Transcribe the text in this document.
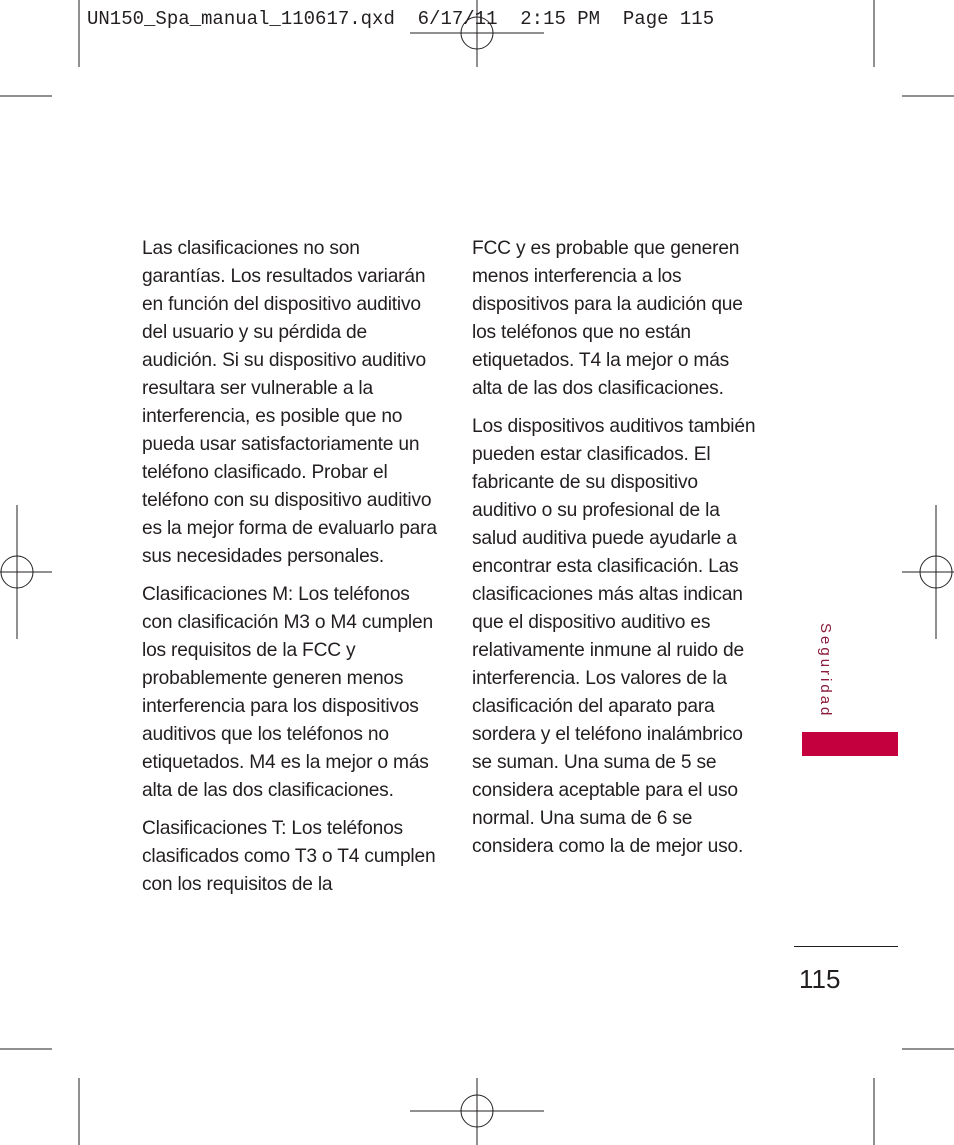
UN150_Spa_manual_110617.qxd  6/17/11  2:15 PM  Page 115

Las clasificaciones no son garantías. Los resultados variarán en función del dispositivo auditivo del usuario y su pérdida de audición. Si su dispositivo auditivo resultara ser vulnerable a la interferencia, es posible que no pueda usar satisfactoriamente un teléfono clasificado. Probar el teléfono con su dispositivo auditivo es la mejor forma de evaluarlo para sus necesidades personales.

Clasificaciones M: Los teléfonos con clasificación M3 o M4 cumplen los requisitos de la FCC y probablemente generen menos interferencia para los dispositivos auditivos que los teléfonos no etiquetados. M4 es la mejor o más alta de las dos clasificaciones.

Clasificaciones T: Los teléfonos clasificados como T3 o T4 cumplen con los requisitos de la

FCC y es probable que generen menos interferencia a los dispositivos para la audición que los teléfonos que no están etiquetados. T4 la mejor o más alta de las dos clasificaciones.

Los dispositivos auditivos también pueden estar clasificados. El fabricante de su dispositivo auditivo o su profesional de la salud auditiva puede ayudarle a encontrar esta clasificación. Las clasificaciones más altas indican que el dispositivo auditivo es relativamente inmune al ruido de interferencia. Los valores de la clasificación del aparato para sordera y el teléfono inalámbrico se suman. Una suma de 5 se considera aceptable para el uso normal. Una suma de 6 se considera como la de mejor uso.

Seguridad
115
